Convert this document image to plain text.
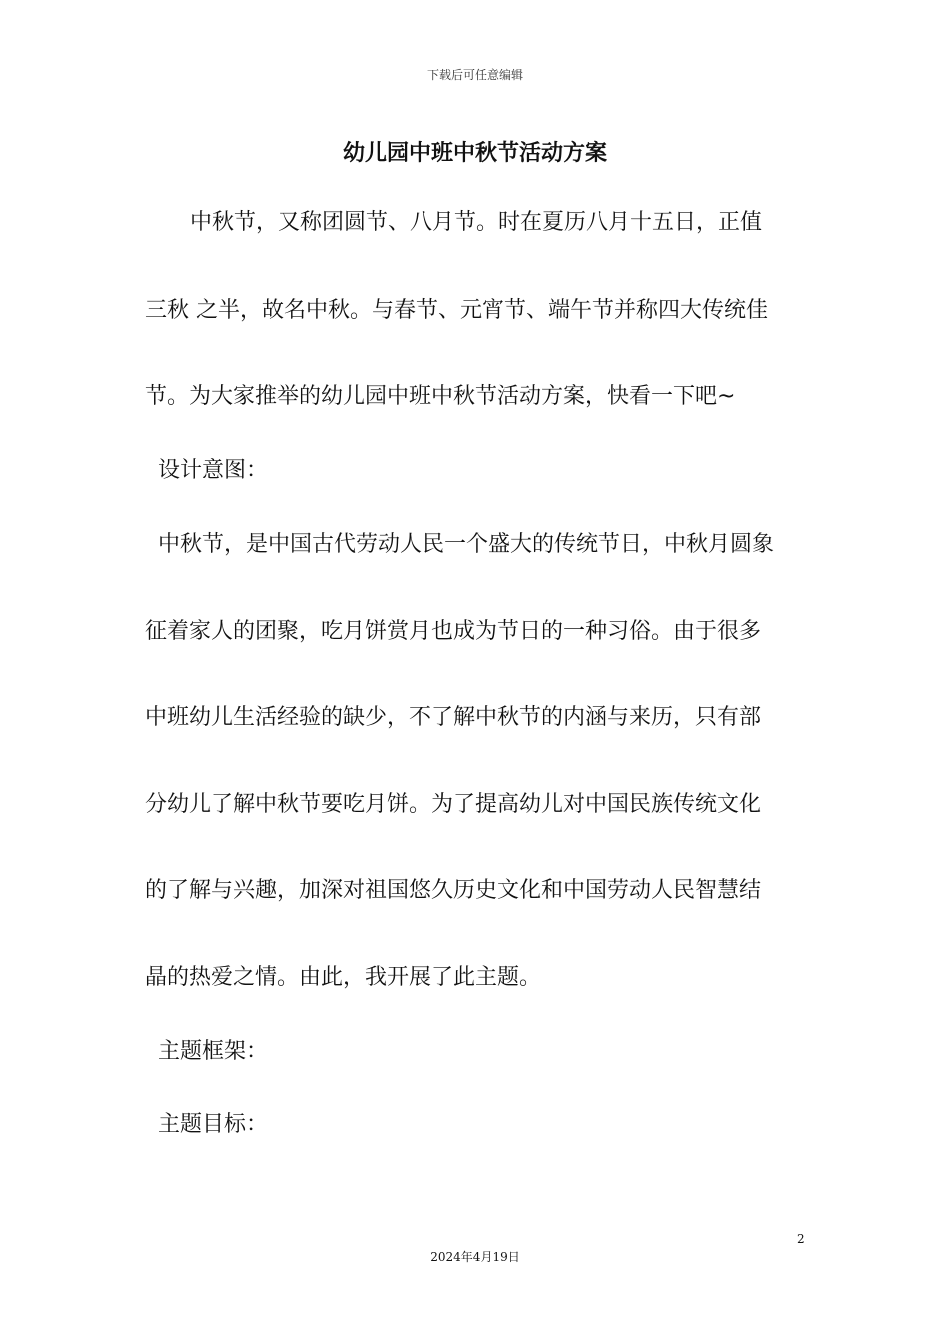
下载后可任意编辑
幼儿园中班中秋节活动方案
　中秋节，又称团圆节、八月节。时在夏历八月十五日，正值
三秋 之半，故名中秋。与春节、元宵节、端午节并称四大传统佳
节。为大家推举的幼儿园中班中秋节活动方案，快看一下吧~
设计意图：
中秋节，是中国古代劳动人民一个盛大的传统节日，中秋月圆象
征着家人的团聚，吃月饼赏月也成为节日的一种习俗。由于很多
中班幼儿生活经验的缺少，不了解中秋节的内涵与来历，只有部
分幼儿了解中秋节要吃月饼。为了提高幼儿对中国民族传统文化
的了解与兴趣，加深对祖国悠久历史文化和中国劳动人民智慧结
晶的热爱之情。由此，我开展了此主题。
主题框架：
主题目标：
2
2024年4月19日
